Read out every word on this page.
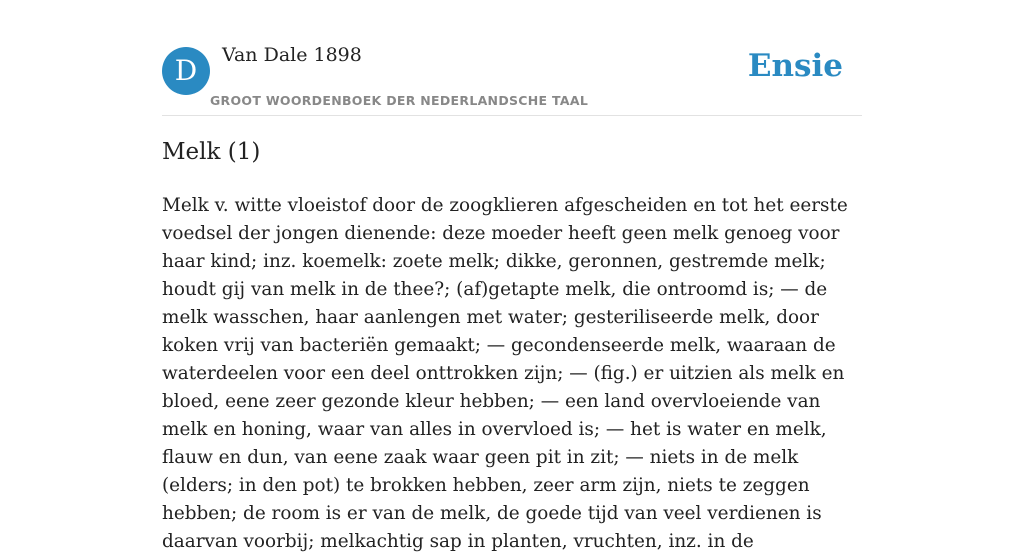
D	Van Dale 1898
GROOT WOORDENBOEK DER NEDERLANDSCHE TAAL
Ensie
Melk (1)

Melk v. witte vloeistof door de zoogklieren afgescheiden en tot het eerste voedsel der jongen dienende: deze moeder heeft geen melk genoeg voor haar kind; inz. koemelk: zoete melk; dikke, geronnen, gestremde melk; houdt gij van melk in de thee?; (af)getapte melk, die ontroomd is; — de melk wasschen, haar aanlengen met water; gesteriliseerde melk, door koken vrij van bacteriën gemaakt; — gecondenseerde melk, waaraan de waterdeelen voor een deel onttrokken zijn; — (fig.) er uitzien als melk en bloed, eene zeer gezonde kleur hebben; — een land overvloeiende van melk en honing, waar van alles in overvloed is; — het is water en melk, flauw en dun, van eene zaak waar geen pit in zit; — niets in de melk (elders; in den pot) te brokken hebben, zeer arm zijn, niets te zeggen hebben; de room is er van de melk, de goede tijd van veel verdienen is daarvan voorbij; melkachtig sap in planten, vruchten, inz. in de
